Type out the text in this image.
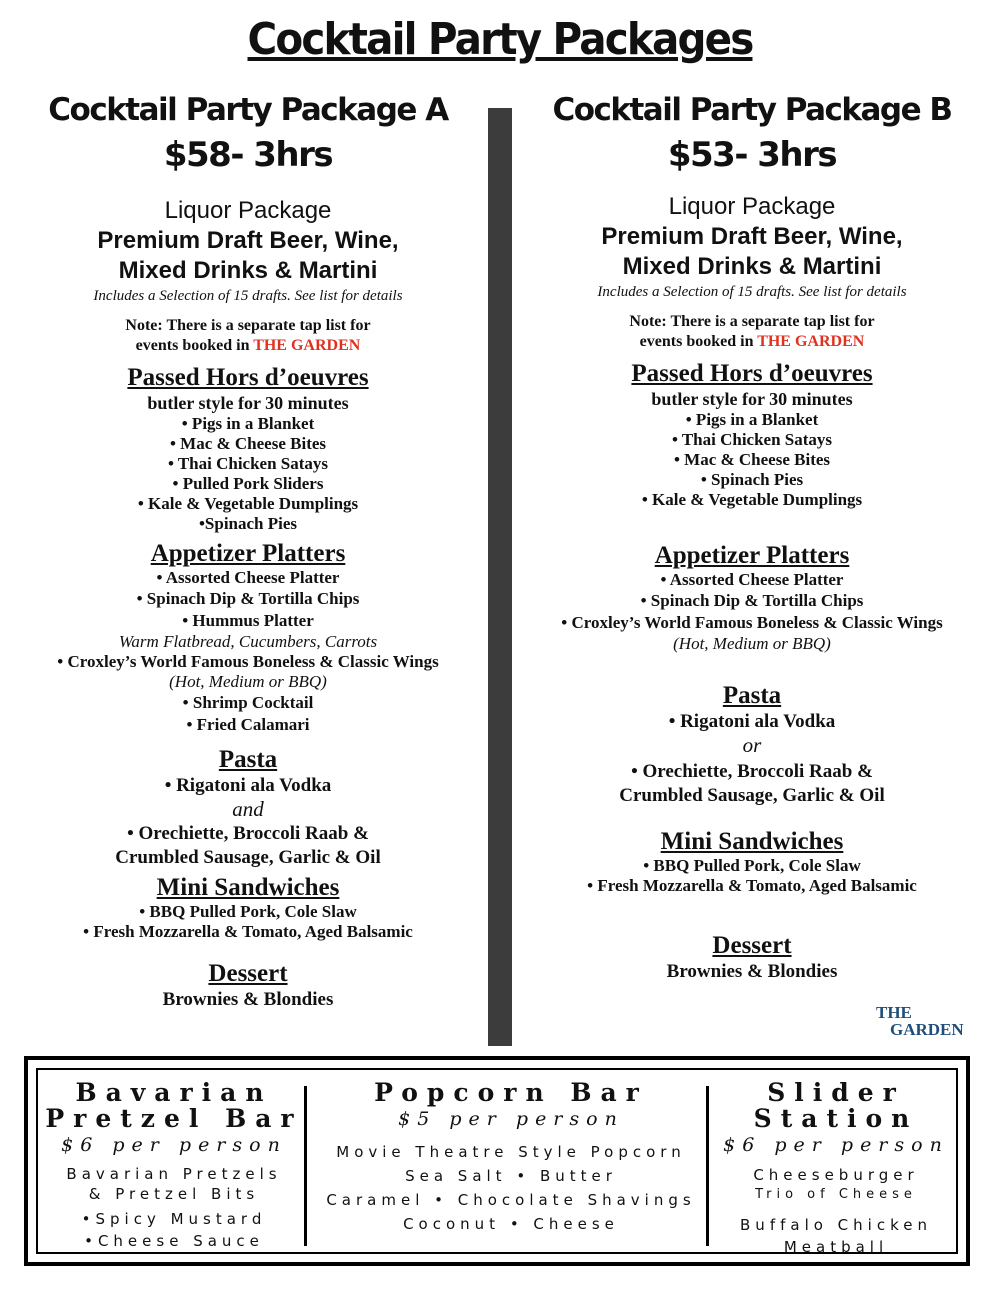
Cocktail Party Packages
Cocktail Party Package A
$58- 3hrs
Liquor Package
Premium Draft Beer, Wine,
Mixed Drinks & Martini
Includes a Selection of 15 drafts. See list for details
Note: There is a separate tap list for
events booked in THE GARDEN
Passed Hors d’oeuvres
butler style for 30 minutes
• Pigs in a Blanket
• Mac & Cheese Bites
• Thai Chicken Satays
• Pulled Pork Sliders
• Kale & Vegetable Dumplings
•Spinach Pies
Appetizer Platters
• Assorted Cheese Platter
• Spinach Dip & Tortilla Chips
• Hummus Platter
Warm Flatbread, Cucumbers, Carrots
• Croxley’s World Famous Boneless & Classic Wings
(Hot, Medium or BBQ)
• Shrimp Cocktail
• Fried Calamari
Pasta
• Rigatoni ala Vodka
and
• Orechiette, Broccoli Raab &
Crumbled Sausage, Garlic & Oil
Mini Sandwiches
• BBQ Pulled Pork, Cole Slaw
• Fresh Mozzarella & Tomato, Aged Balsamic
Dessert
Brownies & Blondies
Cocktail Party Package B
$53- 3hrs
Liquor Package
Premium Draft Beer, Wine,
Mixed Drinks & Martini
Includes a Selection of 15 drafts. See list for details
Note: There is a separate tap list for
events booked in THE GARDEN
Passed Hors d’oeuvres
butler style for 30 minutes
• Pigs in a Blanket
• Thai Chicken Satays
• Mac & Cheese Bites
• Spinach Pies
• Kale & Vegetable Dumplings
Appetizer Platters
• Assorted Cheese Platter
• Spinach Dip & Tortilla Chips
• Croxley’s World Famous Boneless & Classic Wings
(Hot, Medium or BBQ)
Pasta
• Rigatoni ala Vodka
or
• Orechiette, Broccoli Raab &
Crumbled Sausage, Garlic & Oil
Mini Sandwiches
• BBQ Pulled Pork, Cole Slaw
• Fresh Mozzarella & Tomato, Aged Balsamic
Dessert
Brownies & Blondies
THE
GARDEN
Bavarian
Pretzel Bar
$6 per person
Bavarian Pretzels
& Pretzel Bits
•Spicy Mustard
•Cheese Sauce
Popcorn Bar
$5 per person
Movie Theatre Style Popcorn
Sea Salt • Butter
Caramel • Chocolate Shavings
Coconut • Cheese
Slider
Station
$6 per person
Cheeseburger
Trio of Cheese
Buffalo Chicken
Meatball
